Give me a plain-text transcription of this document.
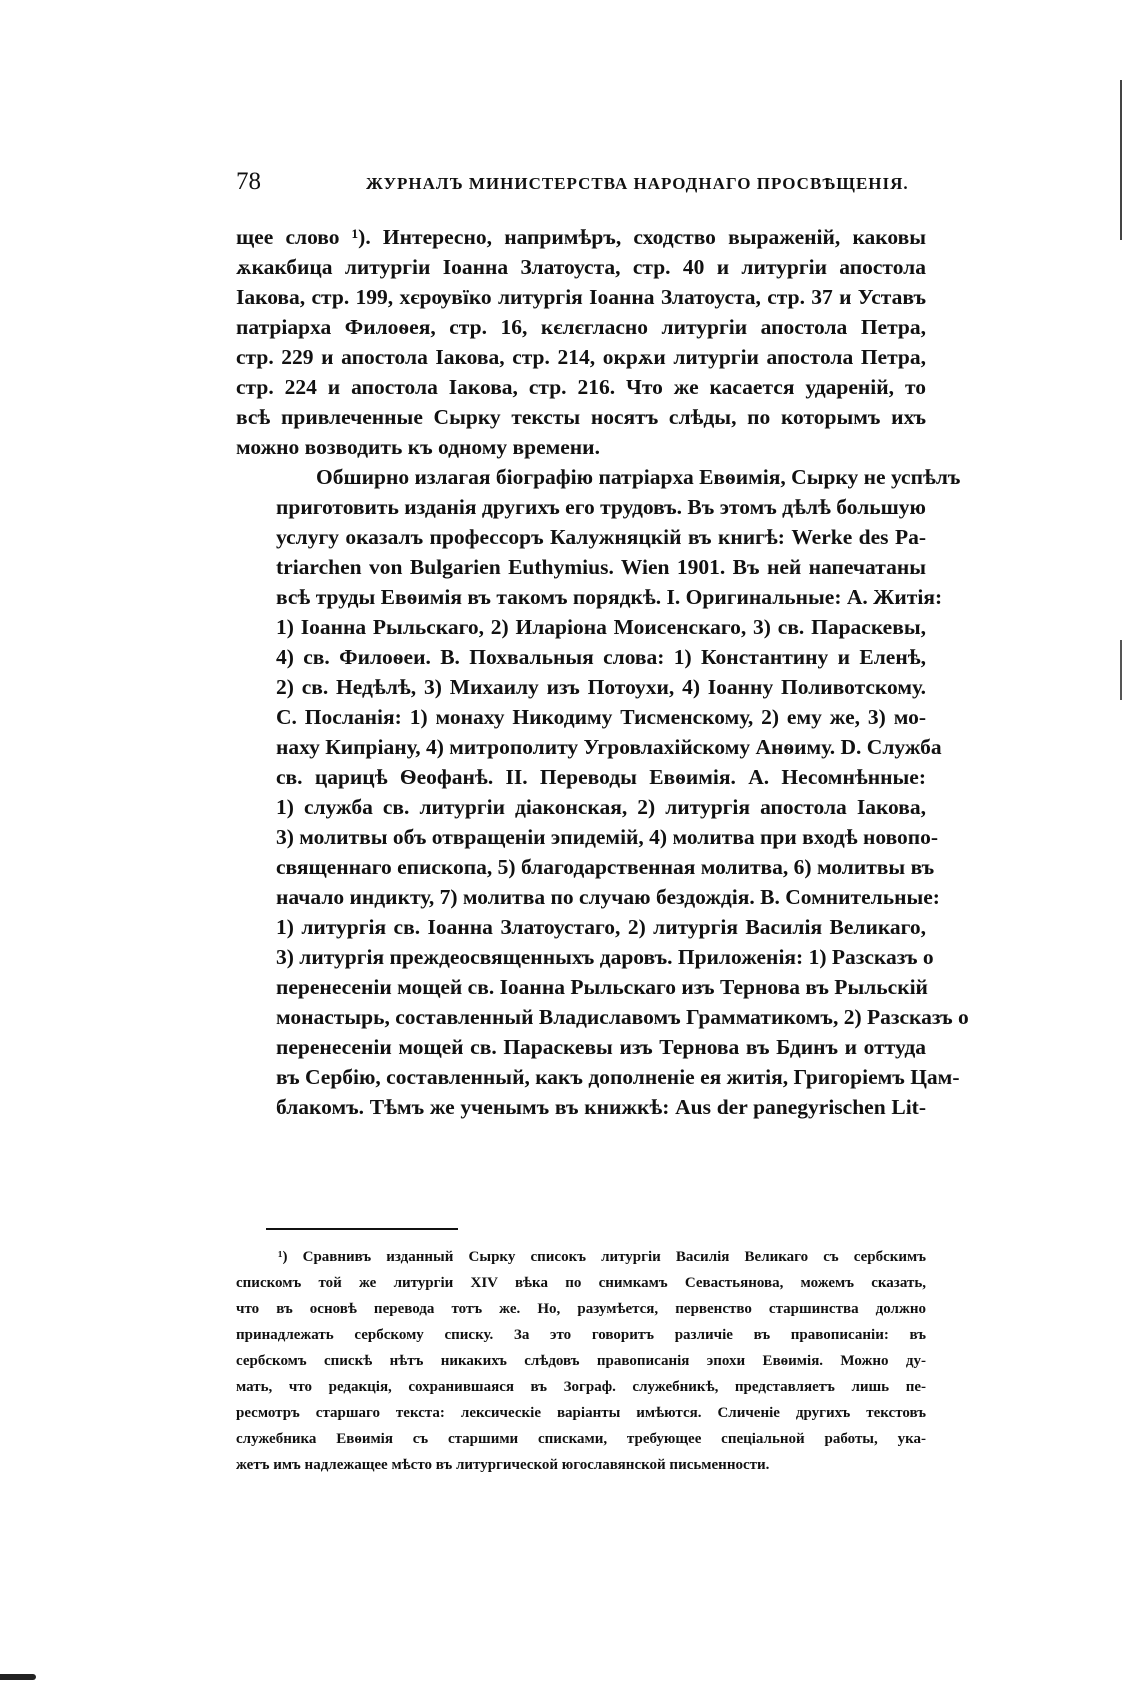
78	ЖУРНАЛЪ МИНИСТЕРСТВА НАРОДНАГО ПРОСВѢЩЕНІЯ.
щее слово ¹). Интересно, напримѣръ, сходство выраженій, каковы
ѫкакбица литургіи Іоанна Златоуста, стр. 40 и литургіи апостола
Іакова, стр. 199, хєрѹвїко литургія Іоанна Златоуста, стр. 37 и Уставъ
патріарха Филоѳея, стр. 16, кєлєгласно литургіи апостола Петра,
стр. 229 и апостола Іакова, стр. 214, окрѫи литургіи апостола Петра,
стр. 224 и апостола Іакова, стр. 216. Что же касается удареній, то
всѣ привлеченные Сырку тексты носятъ слѣды, по которымъ ихъ
можно возводить къ одному времени.
Обширно излагая біографію патріарха Евѳимія, Сырку не успѣлъ
приготовить изданія другихъ его трудовъ. Въ этомъ дѣлѣ большую
услугу оказалъ профессоръ Калужняцкій въ книгѣ: Werke des Pa-
triarchen von Bulgarien Euthymius. Wien 1901. Въ ней напечатаны
всѣ труды Евѳимія въ такомъ порядкѣ. I. Оригинальные: A. Житія:
1) Іоанна Рыльскаго, 2) Иларіона Моисенскаго, 3) св. Параскевы,
4) св. Филоѳеи. B. Похвальныя слова: 1) Константину и Еленѣ,
2) св. Недѣлѣ, 3) Михаилу изъ Потоухи, 4) Іоанну Поливотскому.
C. Посланія: 1) монаху Никодиму Тисменскому, 2) ему же, 3) мо-
наху Кипріану, 4) митрополиту Угровлахійскому Анѳиму. D. Служба
св. царицѣ Ѳеофанѣ. II. Переводы Евѳимія. A. Несомнѣнные:
1) служба св. литургіи діаконская, 2) литургія апостола Іакова,
3) молитвы объ отвращеніи эпидемій, 4) молитва при входѣ новопо-
священнаго епископа, 5) благодарственная молитва, 6) молитвы въ
начало индикту, 7) молитва по случаю бездождія. B. Сомнительные:
1) литургія св. Іоанна Златоустаго, 2) литургія Василія Великаго,
3) литургія преждеосвященныхъ даровъ. Приложенія: 1) Разсказъ о
перенесеніи мощей св. Іоанна Рыльскаго изъ Тернова въ Рыльскій
монастырь, составленный Владиславомъ Грамматикомъ, 2) Разсказъ о
перенесеніи мощей св. Параскевы изъ Тернова въ Бдинъ и оттуда
въ Сербію, составленный, какъ дополненіе ея житія, Григоріемъ Цам-
блакомъ. Тѣмъ же ученымъ въ книжкѣ: Aus der panegyrischen Lit-
¹) Сравнивъ изданный Сырку списокъ литургіи Василія Великаго съ сербскимъ
спискомъ той же литургіи XIV вѣка по снимкамъ Севастьянова, можемъ сказать,
что въ основѣ перевода тотъ же. Но, разумѣется, первенство старшинства должно
принадлежать сербскому списку. За это говоритъ различіе въ правописаніи: въ
сербскомъ спискѣ нѣтъ никакихъ слѣдовъ правописанія эпохи Евѳимія. Можно ду-
мать, что редакція, сохранившаяся въ Зограф. служебникѣ, представляетъ лишь пе-
ресмотръ старшаго текста: лексическіе варіанты имѣются. Сличеніе другихъ текстовъ
служебника Евѳимія съ старшими списками, требующее спеціальной работы, ука-
жетъ имъ надлежащее мѣсто въ литургической югославянской письменности.
